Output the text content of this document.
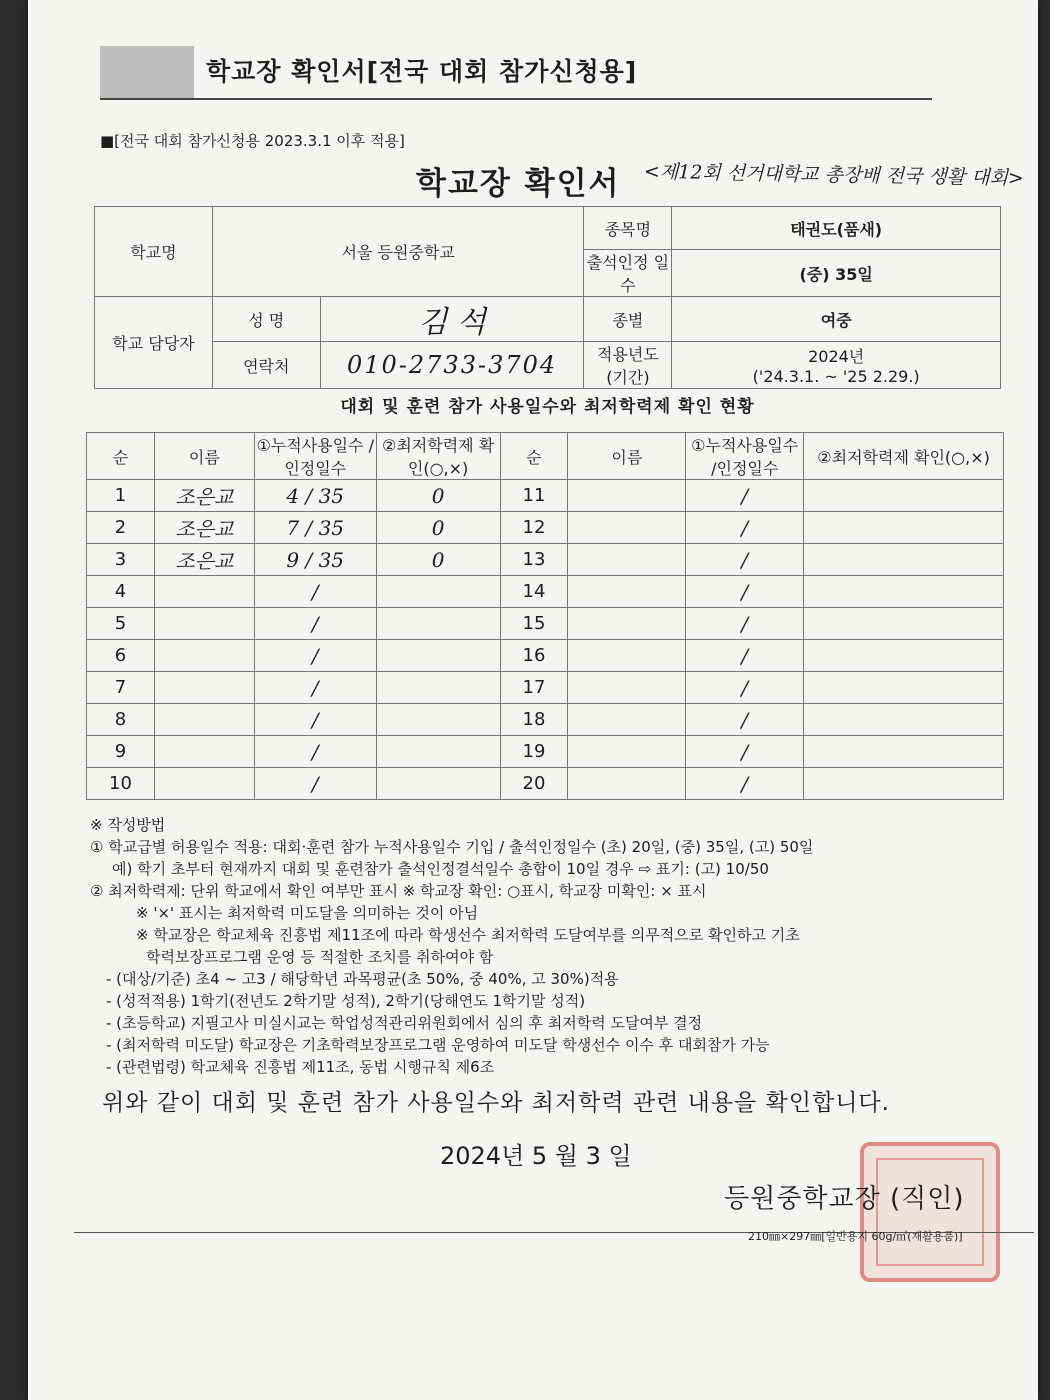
학교장 확인서[전국 대회 참가신청용]
■[전국 대회 참가신청용 2023.3.1 이후 적용]
학교장 확인서 <제12회 선거대학교 총장배 전국 생활 대회>
학교명	서울 등원중학교		종목명	태권도(품새)
			출석인정 일수	(중) 35일
학교 담당자	성 명	김 석	종별	여중
	연락처	010-2733-3704	적용년도 (기간)	2024년
('24.3.1. ~ '25 2.29.)
대회 및 훈련 참가 사용일수와 최저학력제 확인 현황
순	이름	①누적사용일수 /인정일수	②최저학력제 확인(○,×)	순	이름	①누적사용일수 /인정일수	②최저학력제 확인(○,×)

1	조은교	4 / 35	0	11		/	
2	조은교	7 / 35	0	12		/	
3	조은교	9 / 35	0	13		/	
4		/		14		/	
5		/		15		/	
6		/		16		/	
7		/		17		/	
8		/		18		/	
9		/		19		/	
10		/		20		/	
※ 작성방법
① 학교급별 허용일수 적용: 대회·훈련 참가 누적사용일수 기입 / 출석인정일수 (초) 20일, (중) 35일, (고) 50일
예) 학기 초부터 현재까지 대회 및 훈련참가 출석인정결석일수 총합이 10일 경우 ⇨ 표기: (고) 10/50
② 최저학력제: 단위 학교에서 확인 여부만 표시 ※ 학교장 확인: ○표시, 학교장 미확인: × 표시
※ '×' 표시는 최저학력 미도달을 의미하는 것이 아님
※ 학교장은 학교체육 진흥법 제11조에 따라 학생선수 최저학력 도달여부를 의무적으로 확인하고 기초
학력보장프로그램 운영 등 적절한 조치를 취하여야 함
- (대상/기준) 초4 ~ 고3 / 해당학년 과목평균(초 50%, 중 40%, 고 30%)적용
- (성적적용) 1학기(전년도 2학기말 성적), 2학기(당해연도 1학기말 성적)
- (초등학교) 지필고사 미실시교는 학업성적관리위원회에서 심의 후 최저학력 도달여부 결정
- (최저학력 미도달) 학교장은 기초학력보장프로그램 운영하여 미도달 학생선수 이수 후 대회참가 가능
- (관련법령) 학교체육 진흥법 제11조, 동법 시행규칙 제6조
위와 같이 대회 및 훈련 참가 사용일수와 최저학력 관련 내용을 확인합니다.
2024년 5 월 3 일
등원중학교장 (직인)
210㎜×297㎜[일반용지 60g/㎡(재활용품)]
